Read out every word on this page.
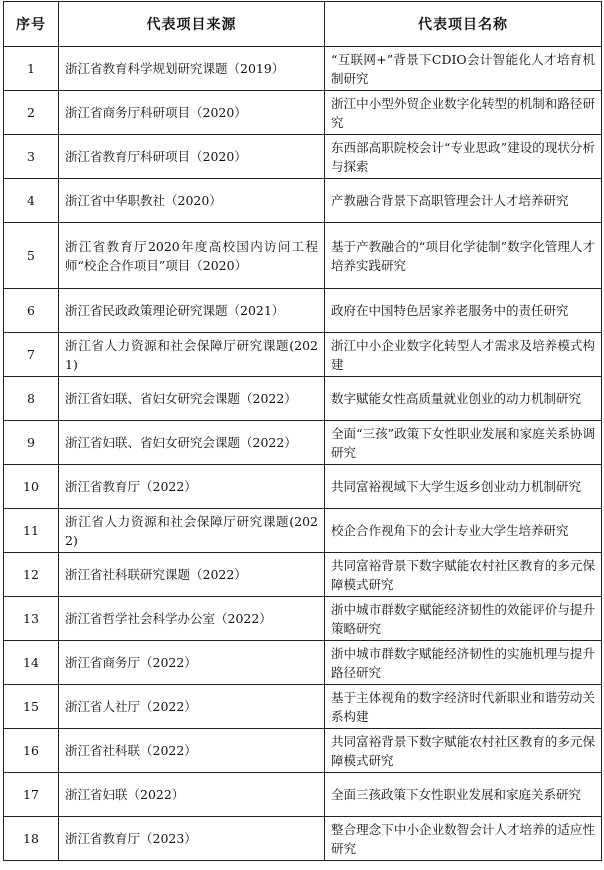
序号	代表项目来源	代表项目名称
1	浙江省教育科学规划研究课题（2019）	“互联网+”背景下CDIO会计智能化人才培育机制研究
2	浙江省商务厅科研项目（2020）	浙江中小型外贸企业数字化转型的机制和路径研究
3	浙江省教育厅科研项目（2020）	东西部高职院校会计“专业思政”建设的现状分析与探索
4	浙江省中华职教社（2020）	产教融合背景下高职管理会计人才培养研究
5	浙江省教育厅2020年度高校国内访问工程师“校企合作项目”项目（2020）	基于产教融合的“项目化学徒制”数字化管理人才培养实践研究
6	浙江省民政政策理论研究课题（2021）	政府在中国特色居家养老服务中的责任研究
7	浙江省人力资源和社会保障厅研究课题(2021)	浙江中小企业数字化转型人才需求及培养模式构建
8	浙江省妇联、省妇女研究会课题（2022）	数字赋能女性高质量就业创业的动力机制研究
9	浙江省妇联、省妇女研究会课题（2022）	全面“三孩”政策下女性职业发展和家庭关系协调研究
10	浙江省教育厅（2022）	共同富裕视域下大学生返乡创业动力机制研究
11	浙江省人力资源和社会保障厅研究课题(2022)	校企合作视角下的会计专业大学生培养研究
12	浙江省社科联研究课题（2022）	共同富裕背景下数字赋能农村社区教育的多元保障模式研究
13	浙江省哲学社会科学办公室（2022）	浙中城市群数字赋能经济韧性的效能评价与提升策略研究
14	浙江省商务厅（2022）	浙中城市群数字赋能经济韧性的实施机理与提升路径研究
15	浙江省人社厅（2022）	基于主体视角的数字经济时代新职业和谐劳动关系构建
16	浙江省社科联（2022）	共同富裕背景下数字赋能农村社区教育的多元保障模式研究
17	浙江省妇联（2022）	全面三孩政策下女性职业发展和家庭关系研究
18	浙江省教育厅（2023）	整合理念下中小企业数智会计人才培养的适应性研究
